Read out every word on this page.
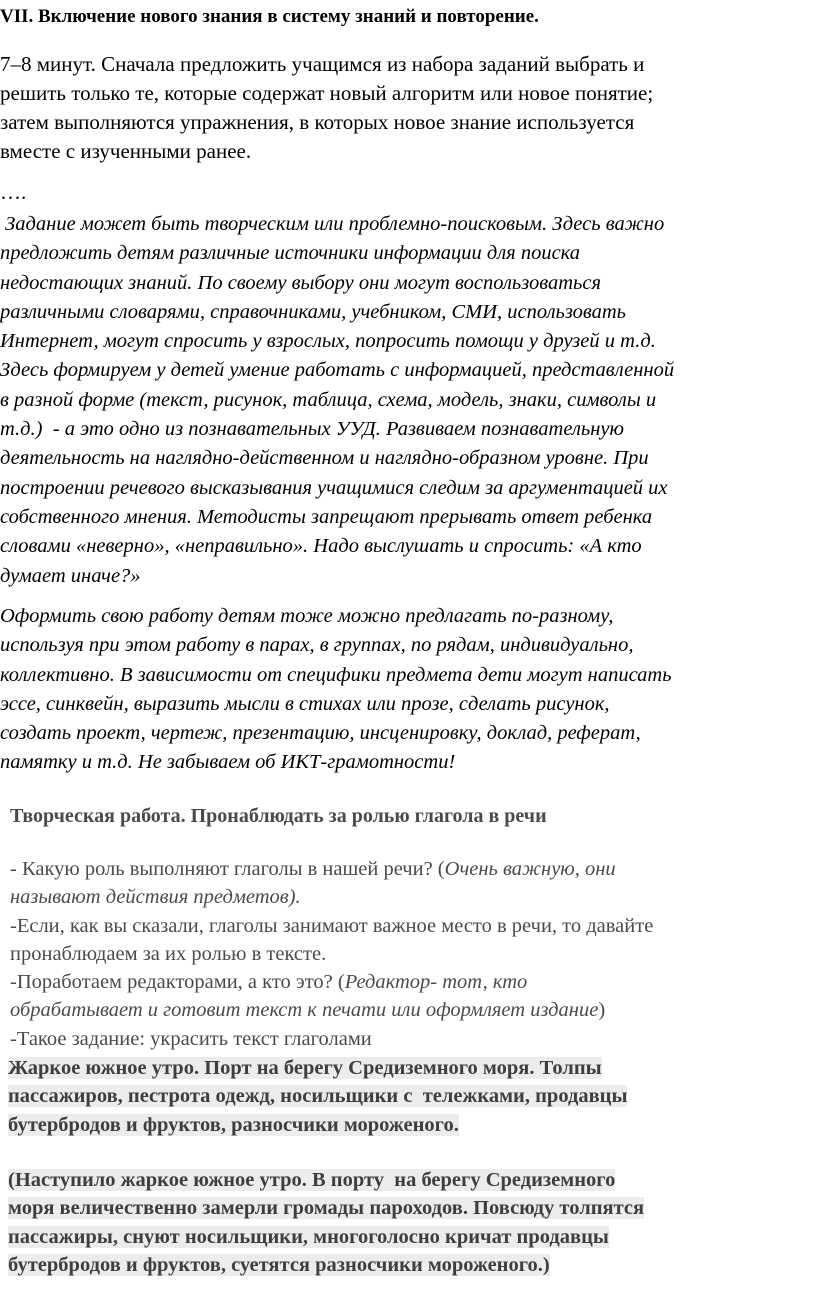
VII. Включение нового знания в систему знаний и повторение.
7–8 минут. Сначала предложить учащимся из набора заданий выбрать и
решить только те, которые содержат новый алгоритм или новое понятие;
затем выполняются упражнения, в которых новое знание используется
вместе с изученными ранее.
….
Задание может быть творческим или проблемно-поисковым. Здесь важно
предложить детям различные источники информации для поиска
недостающих знаний. По своему выбору они могут воспользоваться
различными словарями, справочниками, учебником, СМИ, использовать
Интернет, могут спросить у взрослых, попросить помощи у друзей и т.д.
Здесь формируем у детей умение работать с информацией, представленной
в разной форме (текст, рисунок, таблица, схема, модель, знаки, символы и
т.д.)  - а это одно из познавательных УУД. Развиваем познавательную
деятельность на наглядно-действенном и наглядно-образном уровне. При
построении речевого высказывания учащимися следим за аргументацией их
собственного мнения. Методисты запрещают прерывать ответ ребенка
словами «неверно», «неправильно». Надо выслушать и спросить: «А кто
думает иначе?»
Оформить свою работу детям тоже можно предлагать по-разному,
используя при этом работу в парах, в группах, по рядам, индивидуально,
коллективно. В зависимости от специфики предмета дети могут написать
эссе, синквейн, выразить мысли в стихах или прозе, сделать рисунок,
создать проект, чертеж, презентацию, инсценировку, доклад, реферат,
памятку и т.д. Не забываем об ИКТ-грамотности!
Творческая работа. Пронаблюдать за ролью глагола в речи
- Какую роль выполняют глаголы в нашей речи? (Очень важную, они
называют действия предметов).
-Если, как вы сказали, глаголы занимают важное место в речи, то давайте
пронаблюдаем за их ролью в тексте.
-Поработаем редакторами, а кто это? (Редактор- тот, кто
обрабатывает и готовит текст к печати или оформляет издание)
-Такое задание: украсить текст глаголами
Жаркое южное утро. Порт на берегу Средиземного моря. Толпы
пассажиров, пестрота одежд, носильщики с  тележками, продавцы
бутербродов и фруктов, разносчики мороженого.
(Наступило жаркое южное утро. В порту  на берегу Средиземного
моря величественно замерли громады пароходов. Повсюду толпятся
пассажиры, снуют носильщики, многоголосно кричат продавцы
бутербродов и фруктов, суетятся разносчики мороженого.)
